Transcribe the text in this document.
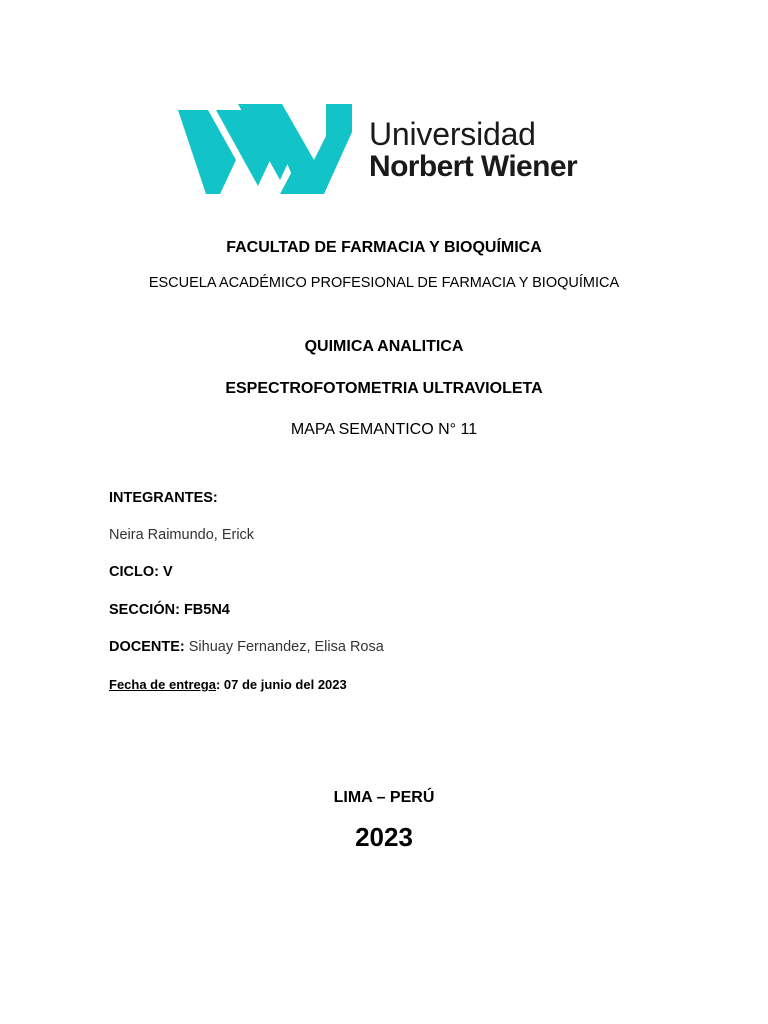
Universidad
Norbert Wiener
FACULTAD DE FARMACIA Y BIOQUÍMICA
ESCUELA ACADÉMICO PROFESIONAL DE FARMACIA Y BIOQUÍMICA
QUIMICA ANALITICA
ESPECTROFOTOMETRIA ULTRAVIOLETA
MAPA SEMANTICO N° 11
INTEGRANTES:
Neira Raimundo, Erick
CICLO: V
SECCIÓN: FB5N4
DOCENTE: Sihuay Fernandez, Elisa Rosa
Fecha de entrega: 07 de junio del 2023
LIMA – PERÚ
2023
